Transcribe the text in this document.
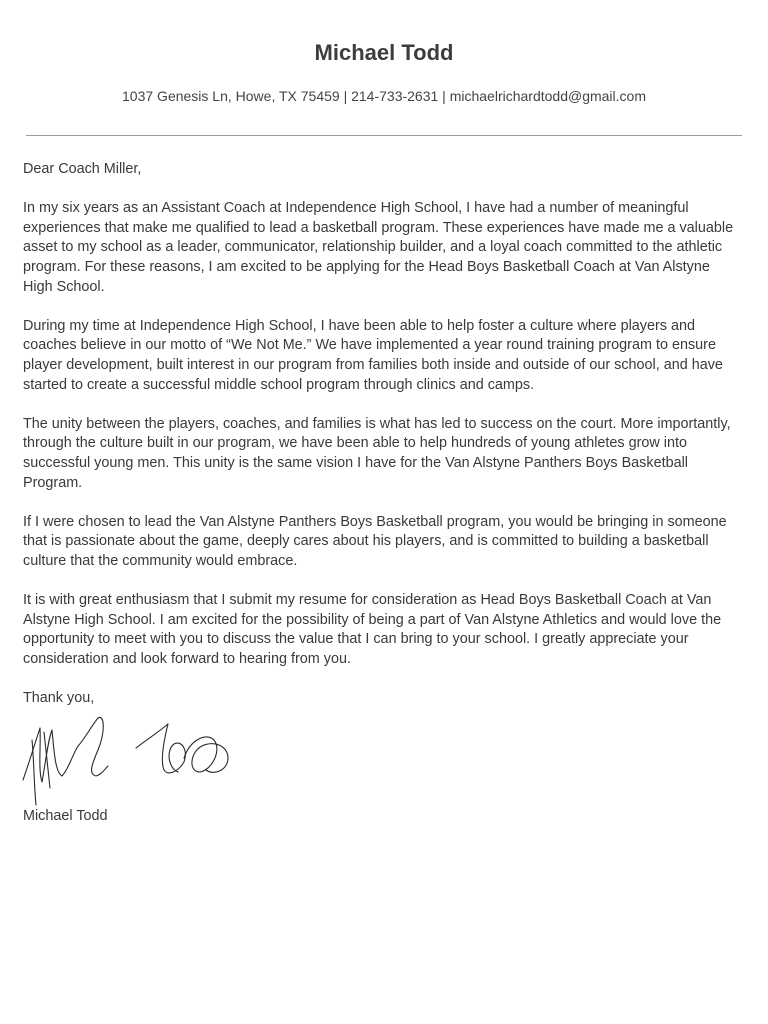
Michael Todd
1037 Genesis Ln, Howe, TX 75459 | 214-733-2631 | michaelrichardtodd@gmail.com

Dear Coach Miller,

In my six years as an Assistant Coach at Independence High School, I have had a number of meaningful experiences that make me qualified to lead a basketball program. These experiences have made me a valuable asset to my school as a leader, communicator, relationship builder, and a loyal coach committed to the athletic program. For these reasons, I am excited to be applying for the Head Boys Basketball Coach at Van Alstyne High School.

During my time at Independence High School, I have been able to help foster a culture where players and coaches believe in our motto of “We Not Me.” We have implemented a year round training program to ensure player development, built interest in our program from families both inside and outside of our school, and have started to create a successful middle school program through clinics and camps.

The unity between the players, coaches, and families is what has led to success on the court. More importantly, through the culture built in our program, we have been able to help hundreds of young athletes grow into successful young men. This unity is the same vision I have for the Van Alstyne Panthers Boys Basketball Program.

If I were chosen to lead the Van Alstyne Panthers Boys Basketball program, you would be bringing in someone that is passionate about the game, deeply cares about his players, and is committed to building a basketball culture that the community would embrace.

It is with great enthusiasm that I submit my resume for consideration as Head Boys Basketball Coach at Van Alstyne High School. I am excited for the possibility of being a part of Van Alstyne Athletics and would love the opportunity to meet with you to discuss the value that I can bring to your school. I greatly appreciate your consideration and look forward to hearing from you.

Thank you,

Michael Todd
